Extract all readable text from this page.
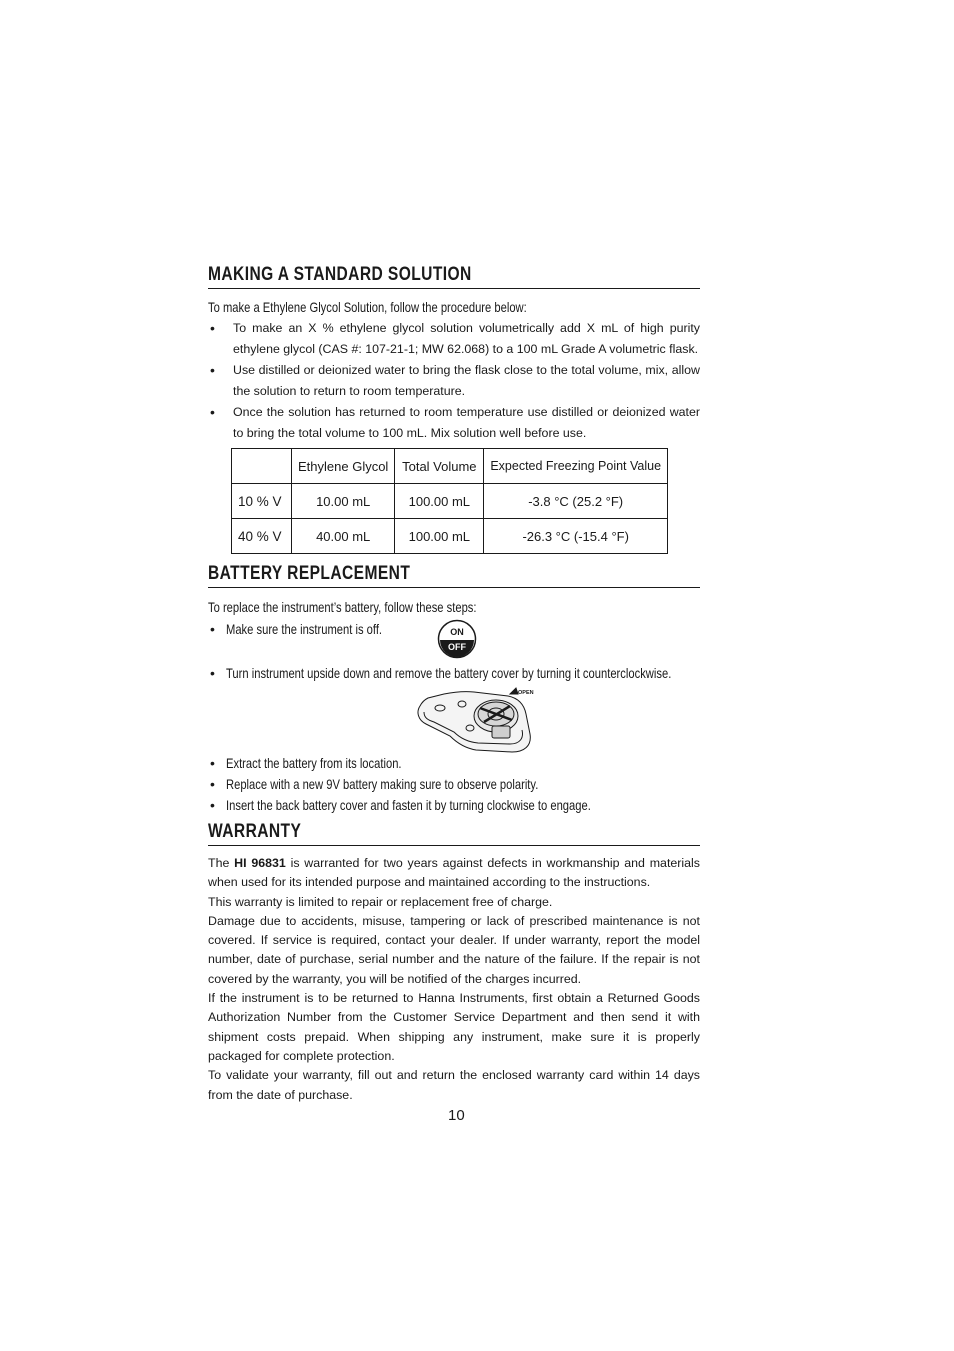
MAKING A STANDARD SOLUTION
To make a Ethylene Glycol Solution, follow the procedure below:
• To make an X % ethylene glycol solution volumetrically add X mL of high purity ethylene glycol (CAS #: 107-21-1; MW 62.068) to a 100 mL Grade A volumetric flask.
• Use distilled or deionized water to bring the flask close to the total volume, mix, allow the solution to return to room temperature.
• Once the solution has returned to room temperature use distilled or deionized water to bring the total volume to 100 mL. Mix solution well before use.
	Ethylene Glycol	Total Volume	Expected Freezing Point Value
10 % V	10.00 mL	100.00 mL	-3.8 °C (25.2 °F)
40 % V	40.00 mL	100.00 mL	-26.3 °C (-15.4 °F)
BATTERY REPLACEMENT
To replace the instrument’s battery, follow these steps:
• Make sure the instrument is off.	ON
OFF
• Turn instrument upside down and remove the battery cover by turning it counterclockwise.
OPEN
• Extract the battery from its location.
• Replace with a new 9V battery making sure to observe polarity.
• Insert the back battery cover and fasten it by turning clockwise to engage.
WARRANTY

The HI 96831 is warranted for two years against defects in workmanship and materials when used for its intended purpose and maintained according to the instructions.

This warranty is limited to repair or replacement free of charge.

Damage due to accidents, misuse, tampering or lack of prescribed maintenance is not covered. If service is required, contact your dealer. If under warranty, report the model number, date of purchase, serial number and the nature of the failure. If the repair is not covered by the warranty, you will be notified of the charges incurred.

If the instrument is to be returned to Hanna Instruments, first obtain a Returned Goods Authorization Number from the Customer Service Department and then send it with shipment costs prepaid. When shipping any instrument, make sure it is properly packaged for complete protection.

To validate your warranty, fill out and return the enclosed warranty card within 14 days from the date of purchase.

10
